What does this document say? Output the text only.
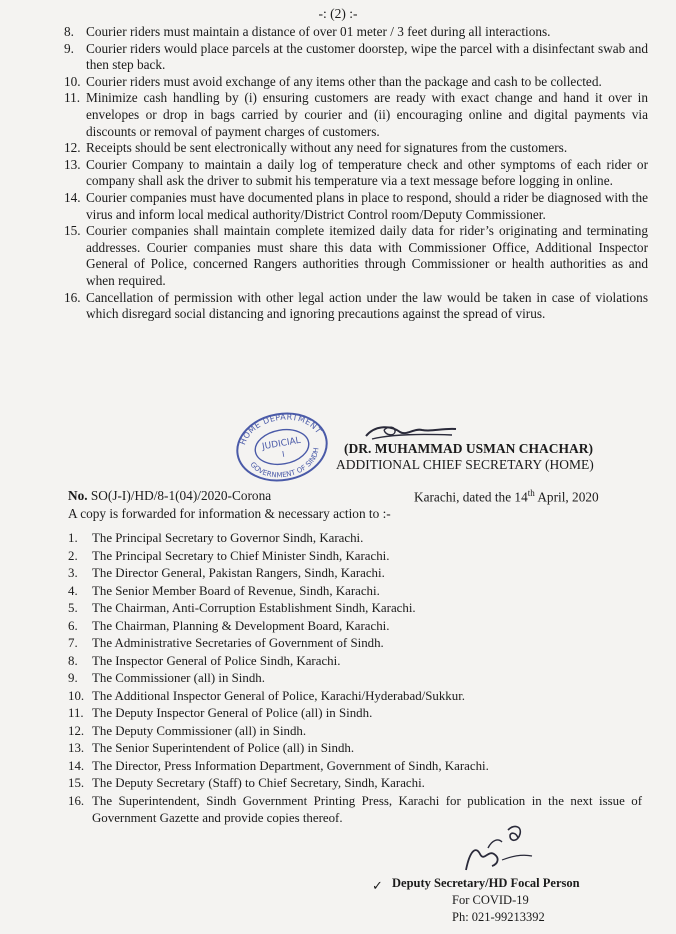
-: (2) :-
8. Courier riders must maintain a distance of over 01 meter / 3 feet during all interactions.
9. Courier riders would place parcels at the customer doorstep, wipe the parcel with a disinfectant swab and then step back.
10. Courier riders must avoid exchange of any items other than the package and cash to be collected.
11. Minimize cash handling by (i) ensuring customers are ready with exact change and hand it over in envelopes or drop in bags carried by courier and (ii) encouraging online and digital payments via discounts or removal of payment charges of customers.
12. Receipts should be sent electronically without any need for signatures from the customers.
13. Courier Company to maintain a daily log of temperature check and other symptoms of each rider or company shall ask the driver to submit his temperature via a text message before logging in online.
14. Courier companies must have documented plans in place to respond, should a rider be diagnosed with the virus and inform local medical authority/District Control room/Deputy Commissioner.
15. Courier companies shall maintain complete itemized daily data for rider’s originating and terminating addresses. Courier companies must share this data with Commissioner Office, Additional Inspector General of Police, concerned Rangers authorities through Commissioner or health authorities as and when required.
16. Cancellation of permission with other legal action under the law would be taken in case of violations which disregard social distancing and ignoring precautions against the spread of virus.
HOME DEPARTMENT
GOVERNMENT OF SINDH
JUDICIAL
I	(DR. MUHAMMAD USMAN CHACHAR)
ADDITIONAL CHIEF SECRETARY (HOME)
No. SO(J-I)/HD/8-1(04)/2020-Corona	Karachi, dated the 14th April, 2020
A copy is forwarded for information & necessary action to :-
1.	The Principal Secretary to Governor Sindh, Karachi.
2.	The Principal Secretary to Chief Minister Sindh, Karachi.
3.	The Director General, Pakistan Rangers, Sindh, Karachi.
4.	The Senior Member Board of Revenue, Sindh, Karachi.
5.	The Chairman, Anti-Corruption Establishment Sindh, Karachi.
6.	The Chairman, Planning & Development Board, Karachi.
7.	The Administrative Secretaries of Government of Sindh.
8.	The Inspector General of Police Sindh, Karachi.
9.	The Commissioner (all) in Sindh.
10. The Additional Inspector General of Police, Karachi/Hyderabad/Sukkur.
11. The Deputy Inspector General of Police (all) in Sindh.
12. The Deputy Commissioner (all) in Sindh.
13. The Senior Superintendent of Police (all) in Sindh.
14. The Director, Press Information Department, Government of Sindh, Karachi.
15. The Deputy Secretary (Staff) to Chief Secretary, Sindh, Karachi.
16. The Superintendent, Sindh Government Printing Press, Karachi for publication in the next issue of Government Gazette and provide copies thereof.
✓ Deputy Secretary/HD Focal Person
For COVID-19
Ph: 021-99213392
